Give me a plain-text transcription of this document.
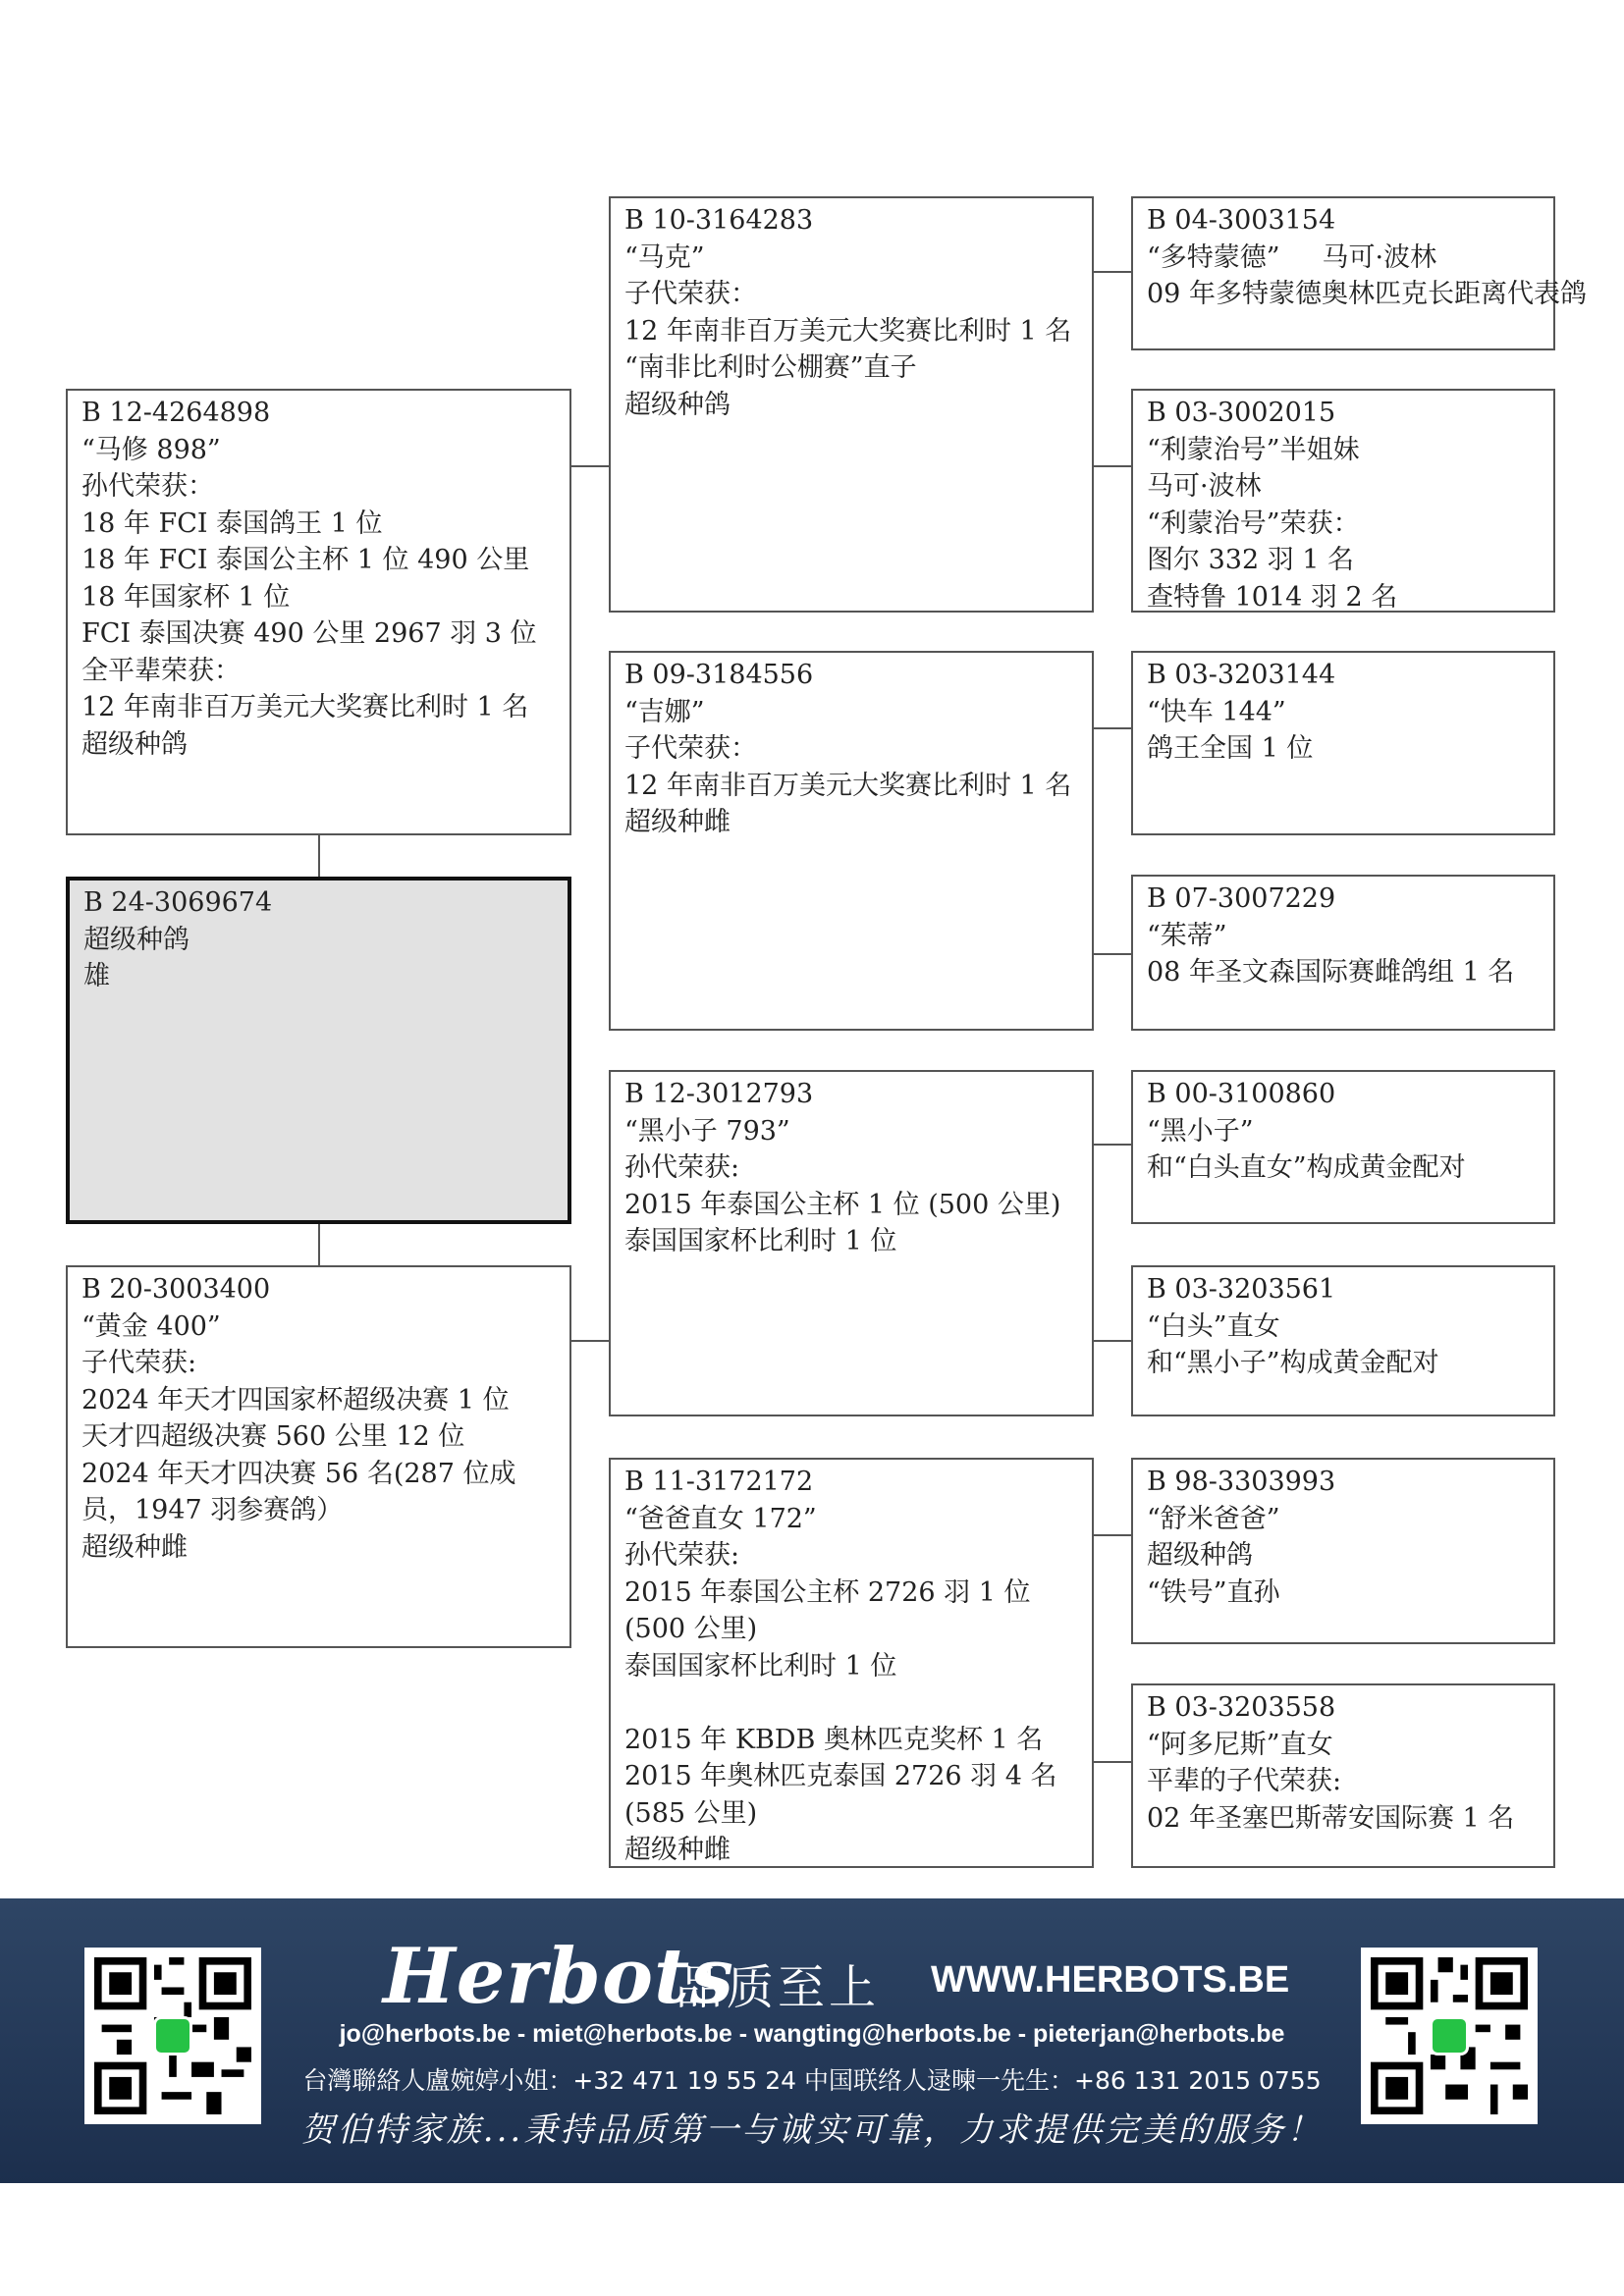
B 24-3069674
超级种鸽
雄
B 12-4264898
“马修 898”
孙代荣获：
18 年 FCI 泰国鸽王 1 位
18 年 FCI 泰国公主杯 1 位 490 公里
18 年国家杯 1 位
FCI 泰国决赛 490 公里 2967 羽 3 位
全平辈荣获：
12 年南非百万美元大奖赛比利时 1 名
超级种鸽
B 20-3003400
“黄金 400”
子代荣获:
2024 年天才四国家杯超级决赛 1 位
天才四超级决赛 560 公里 12 位
2024 年天才四决赛 56 名(287 位成员，1947 羽参赛鸽）
超级种雌
B 10-3164283
“马克”
子代荣获：
12 年南非百万美元大奖赛比利时 1 名
“南非比利时公棚赛”直子
超级种鸽
B 09-3184556
“吉娜”
子代荣获：
12 年南非百万美元大奖赛比利时 1 名
超级种雌
B 12-3012793
“黑小子 793”
孙代荣获:
2015 年泰国公主杯 1 位 (500 公里)
泰国国家杯比利时 1 位
B 11-3172172
“爸爸直女 172”
孙代荣获:
2015 年泰国公主杯 2726 羽 1 位 (500 公里)
泰国国家杯比利时 1 位
2015 年 KBDB 奥林匹克奖杯 1 名
2015 年奥林匹克泰国 2726 羽 4 名 (585 公里)
超级种雌
B 04-3003154
“多特蒙德”     马可·波林
09 年多特蒙德奥林匹克长距离代表鸽
B 03-3002015
“利蒙治号”半姐妹
马可·波林
“利蒙治号”荣获：
图尔 332 羽 1 名
查特鲁 1014 羽 2 名
B 03-3203144
“快车 144”
鸽王全国 1 位
B 07-3007229
“茱蒂”
08 年圣文森国际赛雌鸽组 1 名
B 00-3100860
“黑小子”
和“白头直女”构成黄金配对
B 03-3203561
“白头”直女
和“黑小子”构成黄金配对
B 98-3303993
“舒米爸爸”
超级种鸽
“铁号”直孙
B 03-3203558
“阿多尼斯”直女
平辈的子代荣获:
02 年圣塞巴斯蒂安国际赛 1 名
Herbots
品质至上 WWW.HERBOTS.BE
jo@herbots.be - miet@herbots.be - wangting@herbots.be - pieterjan@herbots.be
台灣聯絡人盧婉婷小姐：+32 471 19 55 24 中国联络人逯暕一先生：+86 131 2015 0755
贺伯特家族...秉持品质第一与诚实可靠，力求提供完美的服务！
